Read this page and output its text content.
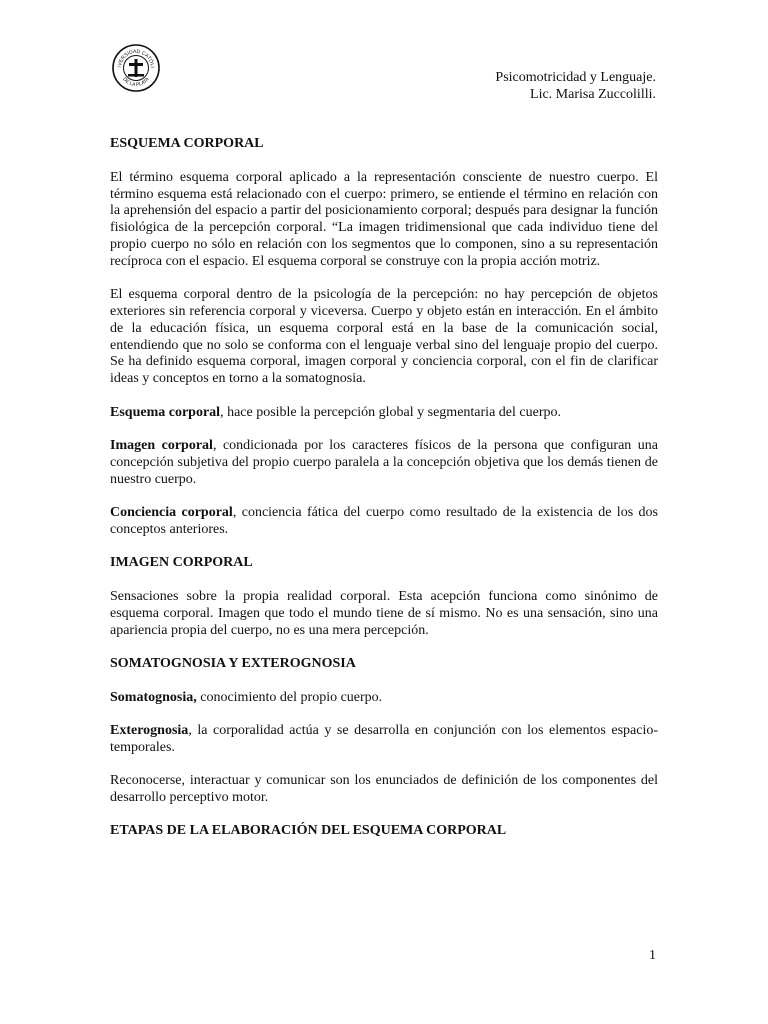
IVERSIDAD CATÓLI
DE LA PLATA	Psicomotricidad y Lenguaje.
Lic. Marisa Zuccolilli.
ESQUEMA CORPORAL

El término esquema corporal aplicado a la representación consciente de nuestro cuerpo. El término esquema está relacionado con el cuerpo: primero, se entiende el término en relación con la aprehensión del espacio a partir del posicionamiento corporal; después para designar la función fisiológica de la percepción corporal. “La imagen tridimensional que cada individuo tiene del propio cuerpo no sólo en relación con los segmentos que lo componen, sino a su representación recíproca con el espacio. El esquema corporal se construye con la propia acción motriz.

El esquema corporal dentro de la psicología de la percepción: no hay percepción de objetos exteriores sin referencia corporal y viceversa. Cuerpo y objeto están en interacción. En el ámbito de la educación física, un esquema corporal está en la base de la comunicación social, entendiendo que no solo se conforma con el lenguaje verbal sino del lenguaje propio del cuerpo. Se ha definido esquema corporal, imagen corporal y conciencia corporal, con el fin de clarificar ideas y conceptos en torno a la somatognosia.

Esquema corporal, hace posible la percepción global y segmentaria del cuerpo.

Imagen corporal, condicionada por los caracteres físicos de la persona que configuran una concepción subjetiva del propio cuerpo paralela a la concepción objetiva que los demás tienen de nuestro cuerpo.

Conciencia corporal, conciencia fática del cuerpo como resultado de la existencia de los dos conceptos anteriores.

IMAGEN CORPORAL

Sensaciones sobre la propia realidad corporal. Esta acepción funciona como sinónimo de esquema corporal. Imagen que todo el mundo tiene de sí mismo. No es una sensación, sino una apariencia propia del cuerpo, no es una mera percepción.

SOMATOGNOSIA Y EXTEROGNOSIA

Somatognosia, conocimiento del propio cuerpo.

Exterognosia, la corporalidad actúa y se desarrolla en conjunción con los elementos espacio-temporales.

Reconocerse, interactuar y comunicar son los enunciados de definición de los componentes del desarrollo perceptivo motor.

ETAPAS DE LA ELABORACIÓN DEL ESQUEMA CORPORAL
1
